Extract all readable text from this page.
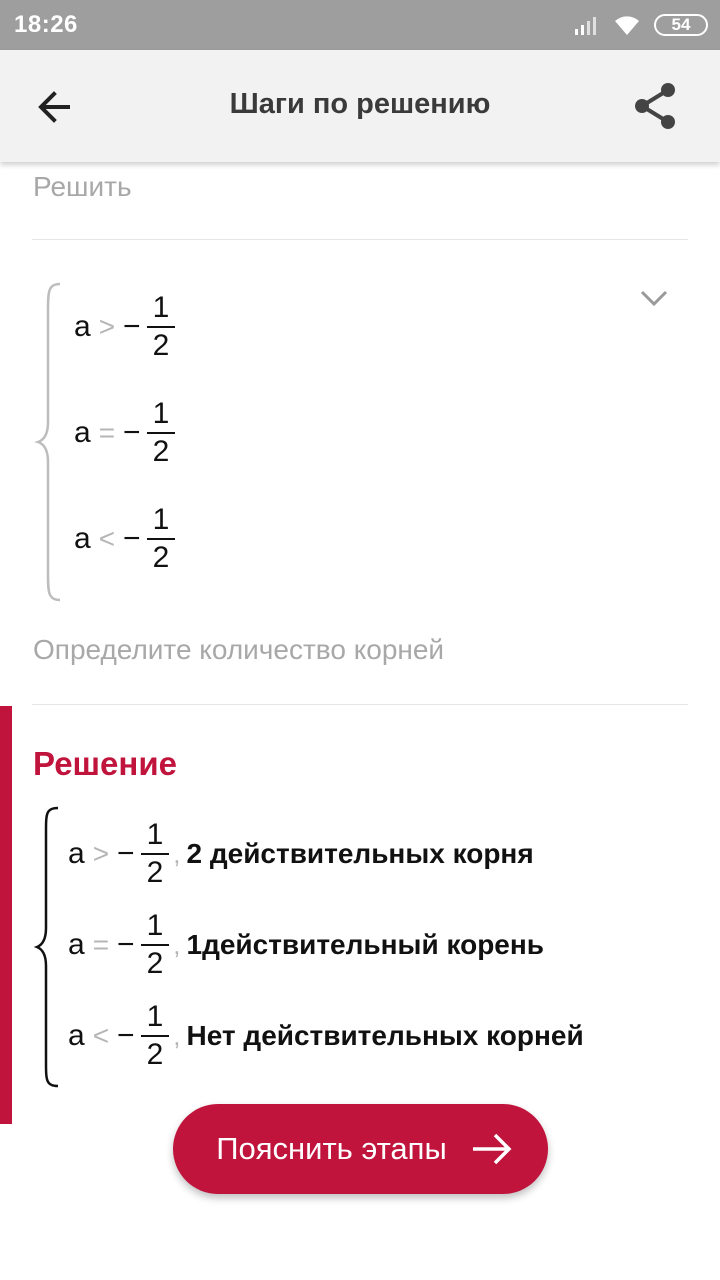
18:26	54
Шаги по решению
Решить
a > − $\frac{1}{2}$
a = − $\frac{1}{2}$
a < − $\frac{1}{2}$
Определите количество корней
Решение
a > − $\frac{1}{2}$ , 2 действительных корня
a = − $\frac{1}{2}$ , 1действительный корень
a < − $\frac{1}{2}$ , Нет действительных корней
Пояснить этапы
